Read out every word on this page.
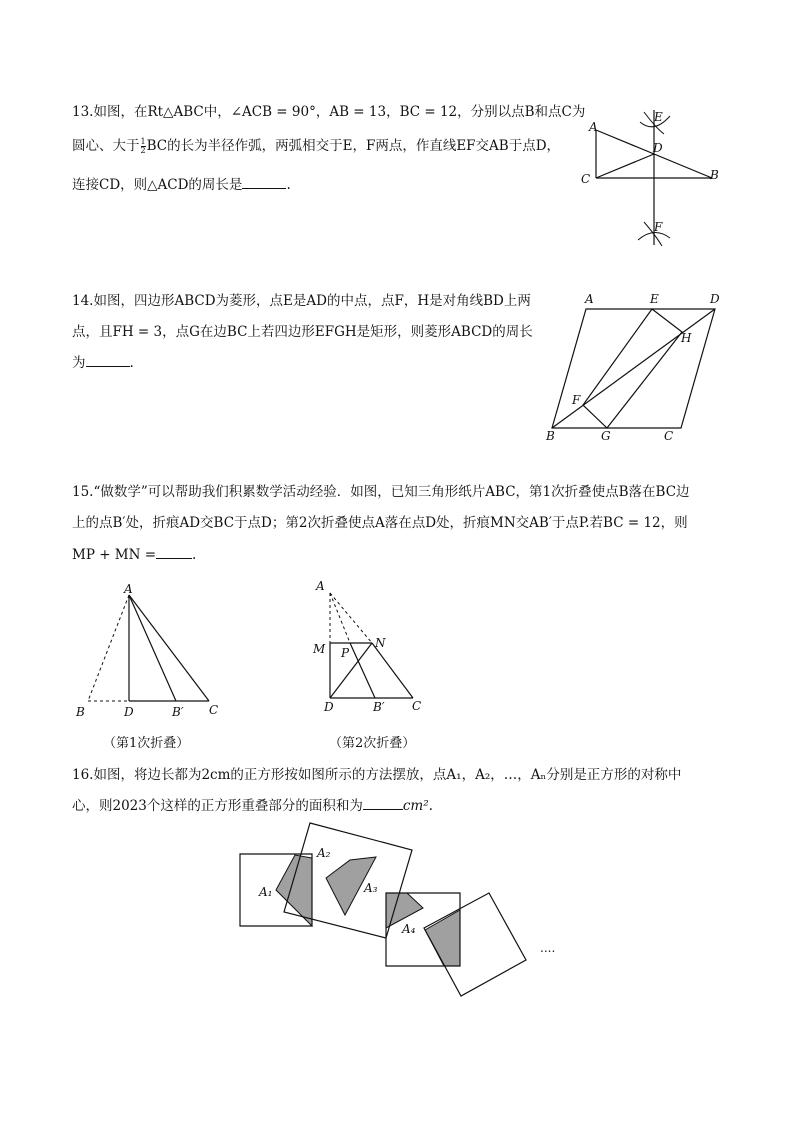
13.如图，在Rt△ABC中，∠ACB = 90°，AB = 13，BC = 12，分别以点B和点C为
圆心、大于 $\frac{1}{2}$ BC的长为半径作弧，两弧相交于E，F两点，作直线EF交AB于点D，
连接CD，则△ACD的周长是	.
A
C	B
D
E
F
14.如图，四边形ABCD为菱形，点E是AD的中点，点F，H是对角线BD上两
点，且FH = 3，点G在边BC上若四边形EFGH是矩形，则菱形ABCD的周长
为	.
A	E	D
H
F
B	G	C
15.“做数学”可以帮助我们积累数学活动经验．如图，已知三角形纸片ABC，第1次折叠使点B落在BC边
上的点B′处，折痕AD交BC于点D；第2次折叠使点A落在点D处，折痕MN交AB′于点P.若BC = 12，则
MP + MN =	.
A
B	D	B′ C
A
M	N
P
D	B′ C
（第1次折叠）	（第2次折叠）
16.如图，将边长都为2cm的正方形按如图所示的方法摆放，点A₁，A₂，…，Aₙ分别是正方形的对称中
心，则2023个这样的正方形重叠部分的面积和为	cm².
A₁
A₂
A₃
A₄
....
